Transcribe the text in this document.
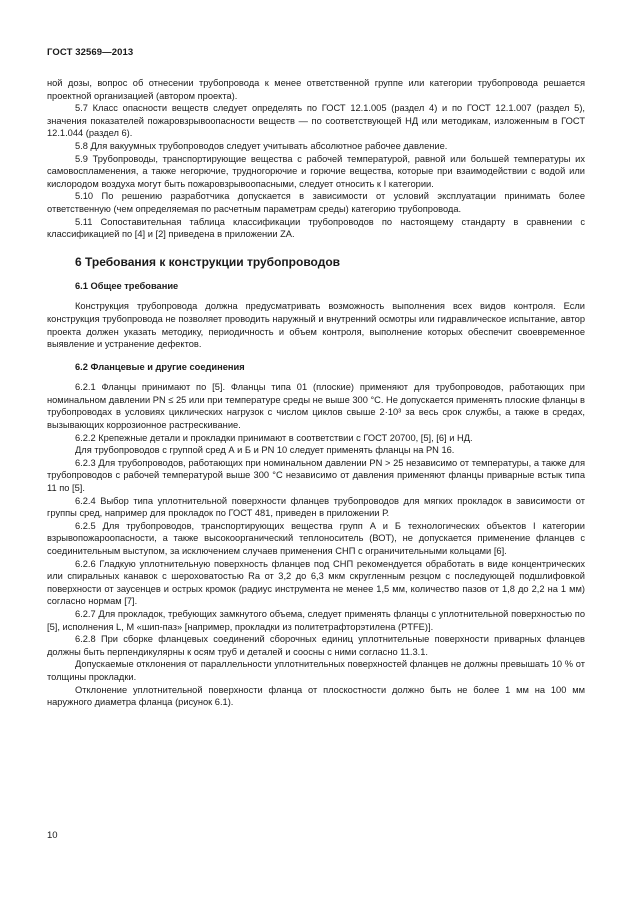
ГОСТ 32569—2013

ной дозы, вопрос об отнесении трубопровода к менее ответственной группе или категории трубопровода решается проектной организацией (автором проекта).

5.7 Класс опасности веществ следует определять по ГОСТ 12.1.005 (раздел 4) и по ГОСТ 12.1.007 (раздел 5), значения показателей пожаровзрывоопасности веществ — по соответствующей НД или методикам, изложенным в ГОСТ 12.1.044 (раздел 6).

5.8 Для вакуумных трубопроводов следует учитывать абсолютное рабочее давление.

5.9 Трубопроводы, транспортирующие вещества с рабочей температурой, равной или большей температуры их самовоспламенения, а также негорючие, трудногорючие и горючие вещества, которые при взаимодействии с водой или кислородом воздуха могут быть пожаровзрывоопасными, следует относить к I категории.

5.10 По решению разработчика допускается в зависимости от условий эксплуатации принимать более ответственную (чем определяемая по расчетным параметрам среды) категорию трубопровода.

5.11 Сопоставительная таблица классификации трубопроводов по настоящему стандарту в сравнении с классификацией по [4] и [2] приведена в приложении ZA.

6 Требования к конструкции трубопроводов
6.1 Общее требование

Конструкция трубопровода должна предусматривать возможность выполнения всех видов контроля. Если конструкция трубопровода не позволяет проводить наружный и внутренний осмотры или гидравлическое испытание, автор проекта должен указать методику, периодичность и объем контроля, выполнение которых обеспечит своевременное выявление и устранение дефектов.

6.2 Фланцевые и другие соединения

6.2.1 Фланцы принимают по [5]. Фланцы типа 01 (плоские) применяют для трубопроводов, работающих при номинальном давлении PN ≤ 25 или при температуре среды не выше 300 °С. Не допускается применять плоские фланцы в трубопроводах в условиях циклических нагрузок с числом циклов свыше 2·10³ за весь срок службы, а также в средах, вызывающих коррозионное растрескивание.

6.2.2 Крепежные детали и прокладки принимают в соответствии с ГОСТ 20700, [5], [6] и НД.

Для трубопроводов с группой сред А и Б и PN 10 следует применять фланцы на PN 16.

6.2.3 Для трубопроводов, работающих при номинальном давлении PN > 25 независимо от температуры, а также для трубопроводов с рабочей температурой выше 300 °С независимо от давления применяют фланцы приварные встык типа 11 по [5].

6.2.4 Выбор типа уплотнительной поверхности фланцев трубопроводов для мягких прокладок в зависимости от группы сред, например для прокладок по ГОСТ 481, приведен в приложении Р.

6.2.5 Для трубопроводов, транспортирующих вещества групп А и Б технологических объектов I категории взрывопожароопасности, а также высокоорганический теплоноситель (ВОТ), не допускается применение фланцев с соединительным выступом, за исключением случаев применения СНП с ограничительными кольцами [6].

6.2.6 Гладкую уплотнительную поверхность фланцев под СНП рекомендуется обработать в виде концентрических или спиральных канавок с шероховатостью Ra от 3,2 до 6,3 мкм скругленным резцом с последующей подшлифовкой поверхности от заусенцев и острых кромок (радиус инструмента не менее 1,5 мм, количество пазов от 1,8 до 2,2 на 1 мм) согласно нормам [7].

6.2.7 Для прокладок, требующих замкнутого объема, следует применять фланцы с уплотнительной поверхностью по [5], исполнения L, M «шип-паз» [например, прокладки из политетрафторэтилена (PTFE)].

6.2.8 При сборке фланцевых соединений сборочных единиц уплотнительные поверхности приварных фланцев должны быть перпендикулярны к осям труб и деталей и соосны с ними согласно 11.3.1.

Допускаемые отклонения от параллельности уплотнительных поверхностей фланцев не должны превышать 10 % от толщины прокладки.

Отклонение уплотнительной поверхности фланца от плоскостности должно быть не более 1 мм на 100 мм наружного диаметра фланца (рисунок 6.1).

10
